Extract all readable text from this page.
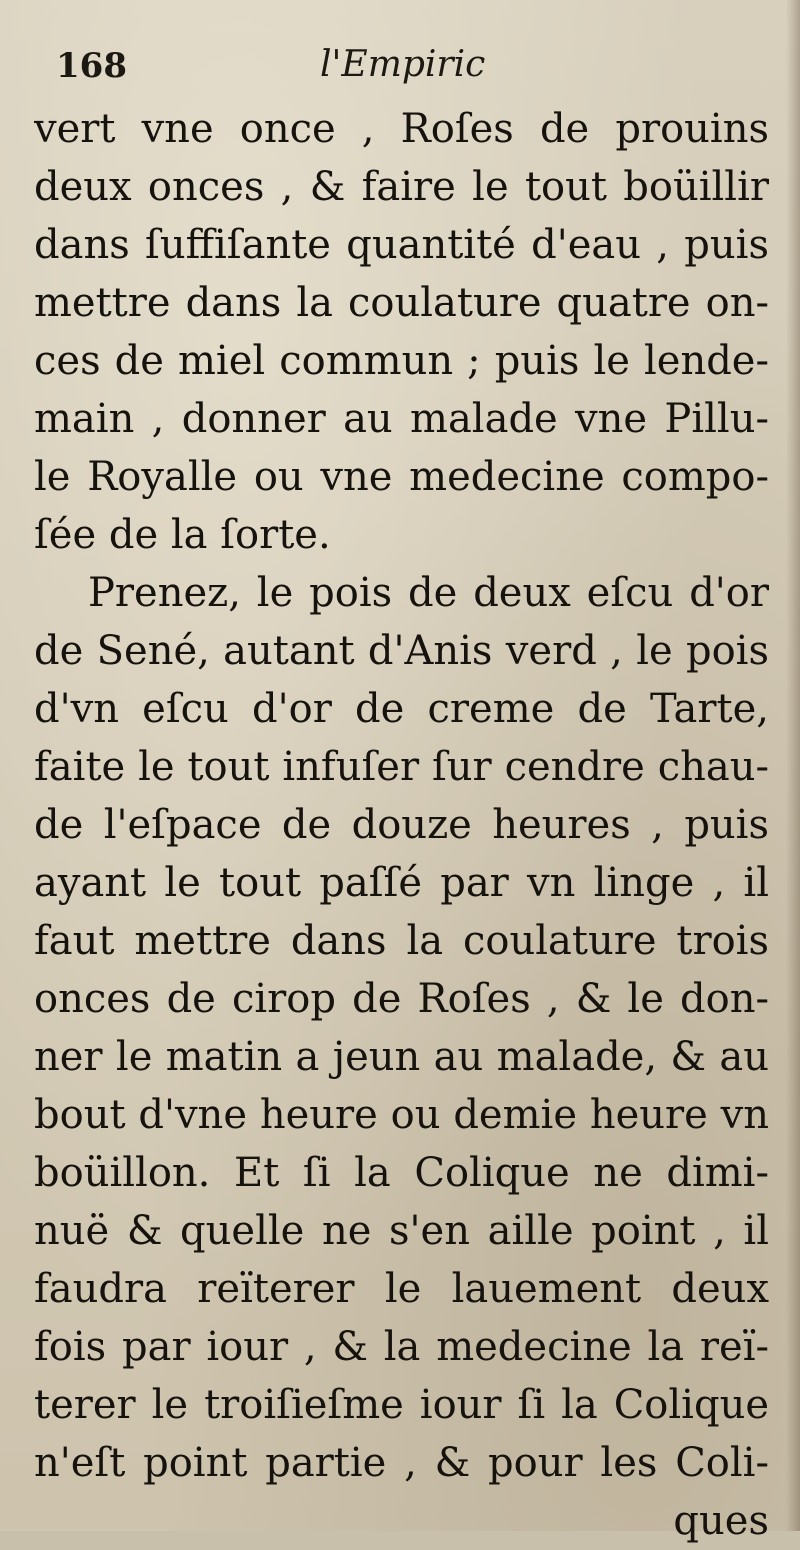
168	l'Empiric
vert vne once , Roſes de prouins
deux onces , & faire le tout boüillir
dans ſuffiſante quantité d'eau , puis
mettre dans la coulature quatre on-
ces de miel commun ; puis le lende-
main , donner au malade vne Pillu-
le Royalle ou vne medecine compo-
ſée de la ſorte.
Prenez, le pois de deux eſcu d'or
de Sené, autant d'Anis verd , le pois
d'vn eſcu d'or de creme de Tarte,
faite le tout infuſer ſur cendre chau-
de l'eſpace de douze heures , puis
ayant le tout paſſé par vn linge , il
faut mettre dans la coulature trois
onces de cirop de Roſes , & le don-
ner le matin a jeun au malade, & au
bout d'vne heure ou demie heure vn
boüillon. Et ſi la Colique ne dimi-
nuë & quelle ne s'en aille point , il
faudra reïterer le lauement deux
fois par iour , & la medecine la reï-
terer le troiſieſme iour ſi la Colique
n'eſt point partie , & pour les Coli-
ques
